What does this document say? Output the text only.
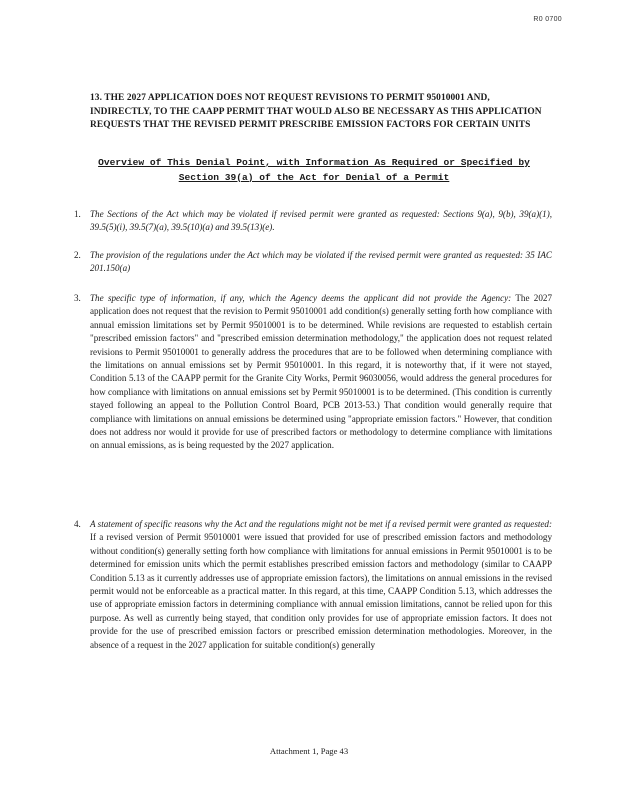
R0 0700
13. THE 2027 APPLICATION DOES NOT REQUEST REVISIONS TO PERMIT 95010001 AND, INDIRECTLY, TO THE CAAPP PERMIT THAT WOULD ALSO BE NECESSARY AS THIS APPLICATION REQUESTS THAT THE REVISED PERMIT PRESCRIBE EMISSION FACTORS FOR CERTAIN UNITS
Overview of This Denial Point, with Information As Required or Specified by Section 39(a) of the Act for Denial of a Permit
1. The Sections of the Act which may be violated if revised permit were granted as requested: Sections 9(a), 9(b), 39(a)(1), 39.5(5)(i), 39.5(7)(a), 39.5(10)(a) and 39.5(13)(e).
2. The provision of the regulations under the Act which may be violated if the revised permit were granted as requested: 35 IAC 201.150(a)
3. The specific type of information, if any, which the Agency deems the applicant did not provide the Agency: The 2027 application does not request that the revision to Permit 95010001 add condition(s) generally setting forth how compliance with annual emission limitations set by Permit 95010001 is to be determined. While revisions are requested to establish certain "prescribed emission factors" and "prescribed emission determination methodology," the application does not request related revisions to Permit 95010001 to generally address the procedures that are to be followed when determining compliance with the limitations on annual emissions set by Permit 95010001. In this regard, it is noteworthy that, if it were not stayed, Condition 5.13 of the CAAPP permit for the Granite City Works, Permit 96030056, would address the general procedures for how compliance with limitations on annual emissions set by Permit 95010001 is to be determined. (This condition is currently stayed following an appeal to the Pollution Control Board, PCB 2013-53.) That condition would generally require that compliance with limitations on annual emissions be determined using "appropriate emission factors." However, that condition does not address nor would it provide for use of prescribed factors or methodology to determine compliance with limitations on annual emissions, as is being requested by the 2027 application.
4. A statement of specific reasons why the Act and the regulations might not be met if a revised permit were granted as requested: If a revised version of Permit 95010001 were issued that provided for use of prescribed emission factors and methodology without condition(s) generally setting forth how compliance with limitations for annual emissions in Permit 95010001 is to be determined for emission units which the permit establishes prescribed emission factors and methodology (similar to CAAPP Condition 5.13 as it currently addresses use of appropriate emission factors), the limitations on annual emissions in the revised permit would not be enforceable as a practical matter. In this regard, at this time, CAAPP Condition 5.13, which addresses the use of appropriate emission factors in determining compliance with annual emission limitations, cannot be relied upon for this purpose. As well as currently being stayed, that condition only provides for use of appropriate emission factors. It does not provide for the use of prescribed emission factors or prescribed emission determination methodologies. Moreover, in the absence of a request in the 2027 application for suitable condition(s) generally
Attachment 1, Page 43
